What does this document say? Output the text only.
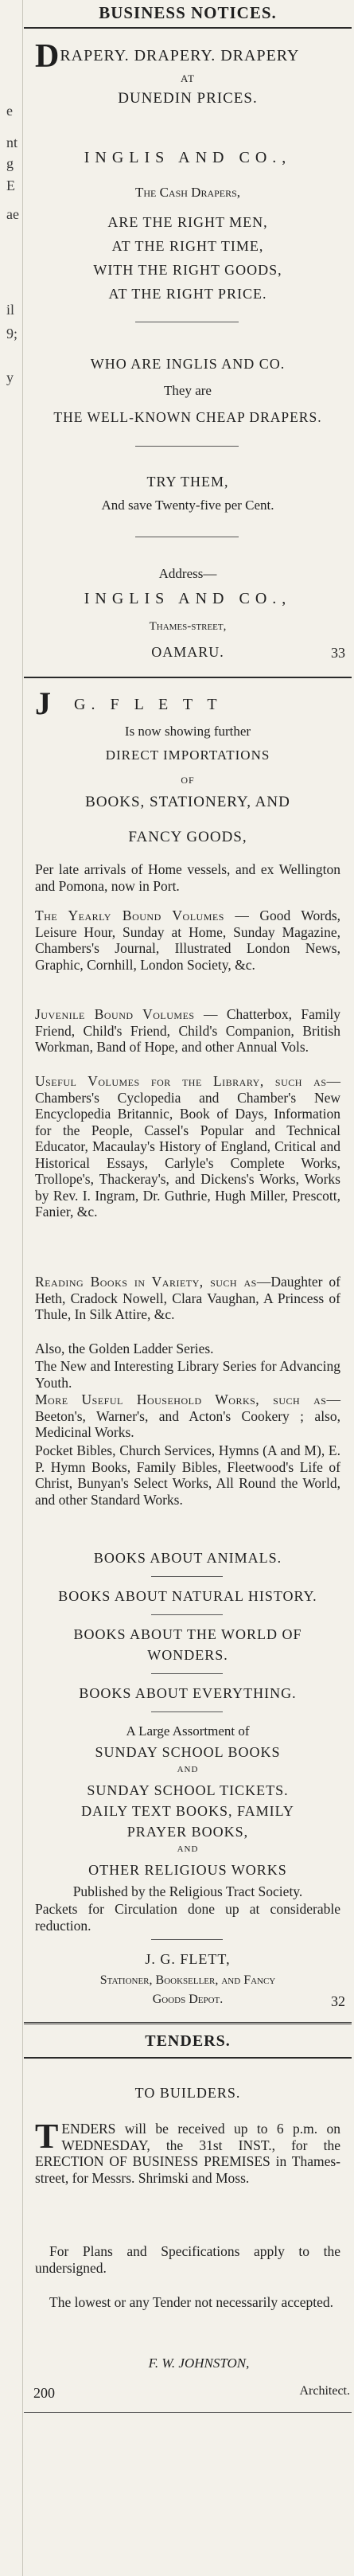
e
nt
g
E
ae
il
9;
y
BUSINESS NOTICES.
DRAPERY. DRAPERY. DRAPERY
AT
DUNEDIN PRICES.
INGLIS AND CO.,
The Cash Drapers,
ARE THE RIGHT MEN,
AT THE RIGHT TIME,
WITH THE RIGHT GOODS,
AT THE RIGHT PRICE.
WHO ARE INGLIS AND CO.
They are
THE WELL-KNOWN CHEAP DRAPERS.
TRY THEM,
And save Twenty-five per Cent.
Address—
INGLIS AND CO.,
Thames-street,
OAMARU.	33
J G. F L E T T
Is now showing further
DIRECT IMPORTATIONS
OF
BOOKS, STATIONERY, AND
FANCY GOODS,
Per late arrivals of Home vessels, and ex Wellington and Pomona, now in Port.
The Yearly Bound Volumes — Good Words, Leisure Hour, Sunday at Home, Sunday Magazine, Chambers's Journal, Illustrated London News, Graphic, Cornhill, London Society, &c.
Juvenile Bound Volumes — Chatterbox, Family Friend, Child's Friend, Child's Companion, British Workman, Band of Hope, and other Annual Vols.
Useful Volumes for the Library, such as—Chambers's Cyclopedia and Chamber's New Encyclopedia Britannic, Book of Days, Information for the People, Cassel's Popular and Technical Educator, Macaulay's History of England, Critical and Historical Essays, Carlyle's Complete Works, Trollope's, Thackeray's, and Dickens's Works, Works by Rev. I. Ingram, Dr. Guthrie, Hugh Miller, Prescott, Fanier, &c.
Reading Books in Variety, such as—Daughter of Heth, Cradock Nowell, Clara Vaughan, A Princess of Thule, In Silk Attire, &c.
Also, the Golden Ladder Series.
The New and Interesting Library Series for Advancing Youth.
More Useful Household Works, such as—Beeton's, Warner's, and Acton's Cookery ; also, Medicinal Works.
Pocket Bibles, Church Services, Hymns (A and M), E. P. Hymn Books, Family Bibles, Fleetwood's Life of Christ, Bunyan's Select Works, All Round the World, and other Standard Works.
BOOKS ABOUT ANIMALS.
BOOKS ABOUT NATURAL HISTORY.
BOOKS ABOUT THE WORLD OF
WONDERS.
BOOKS ABOUT EVERYTHING.
A Large Assortment of
SUNDAY SCHOOL BOOKS
AND
SUNDAY SCHOOL TICKETS.
DAILY TEXT BOOKS, FAMILY
PRAYER BOOKS,
AND
OTHER RELIGIOUS WORKS
Published by the Religious Tract Society.
Packets for Circulation done up at considerable reduction.
J. G. FLETT,
Stationer, Bookseller, and Fancy
Goods Depot.	32
TENDERS.
TO BUILDERS.
TENDERS will be received up to 6 p.m. on WEDNESDAY, the 31st INST., for the ERECTION OF BUSINESS PREMISES in Thames-street, for Messrs. Shrimski and Moss.
For Plans and Specifications apply to the undersigned.
The lowest or any Tender not necessarily accepted.
F. W. JOHNSTON,
Architect.
200
